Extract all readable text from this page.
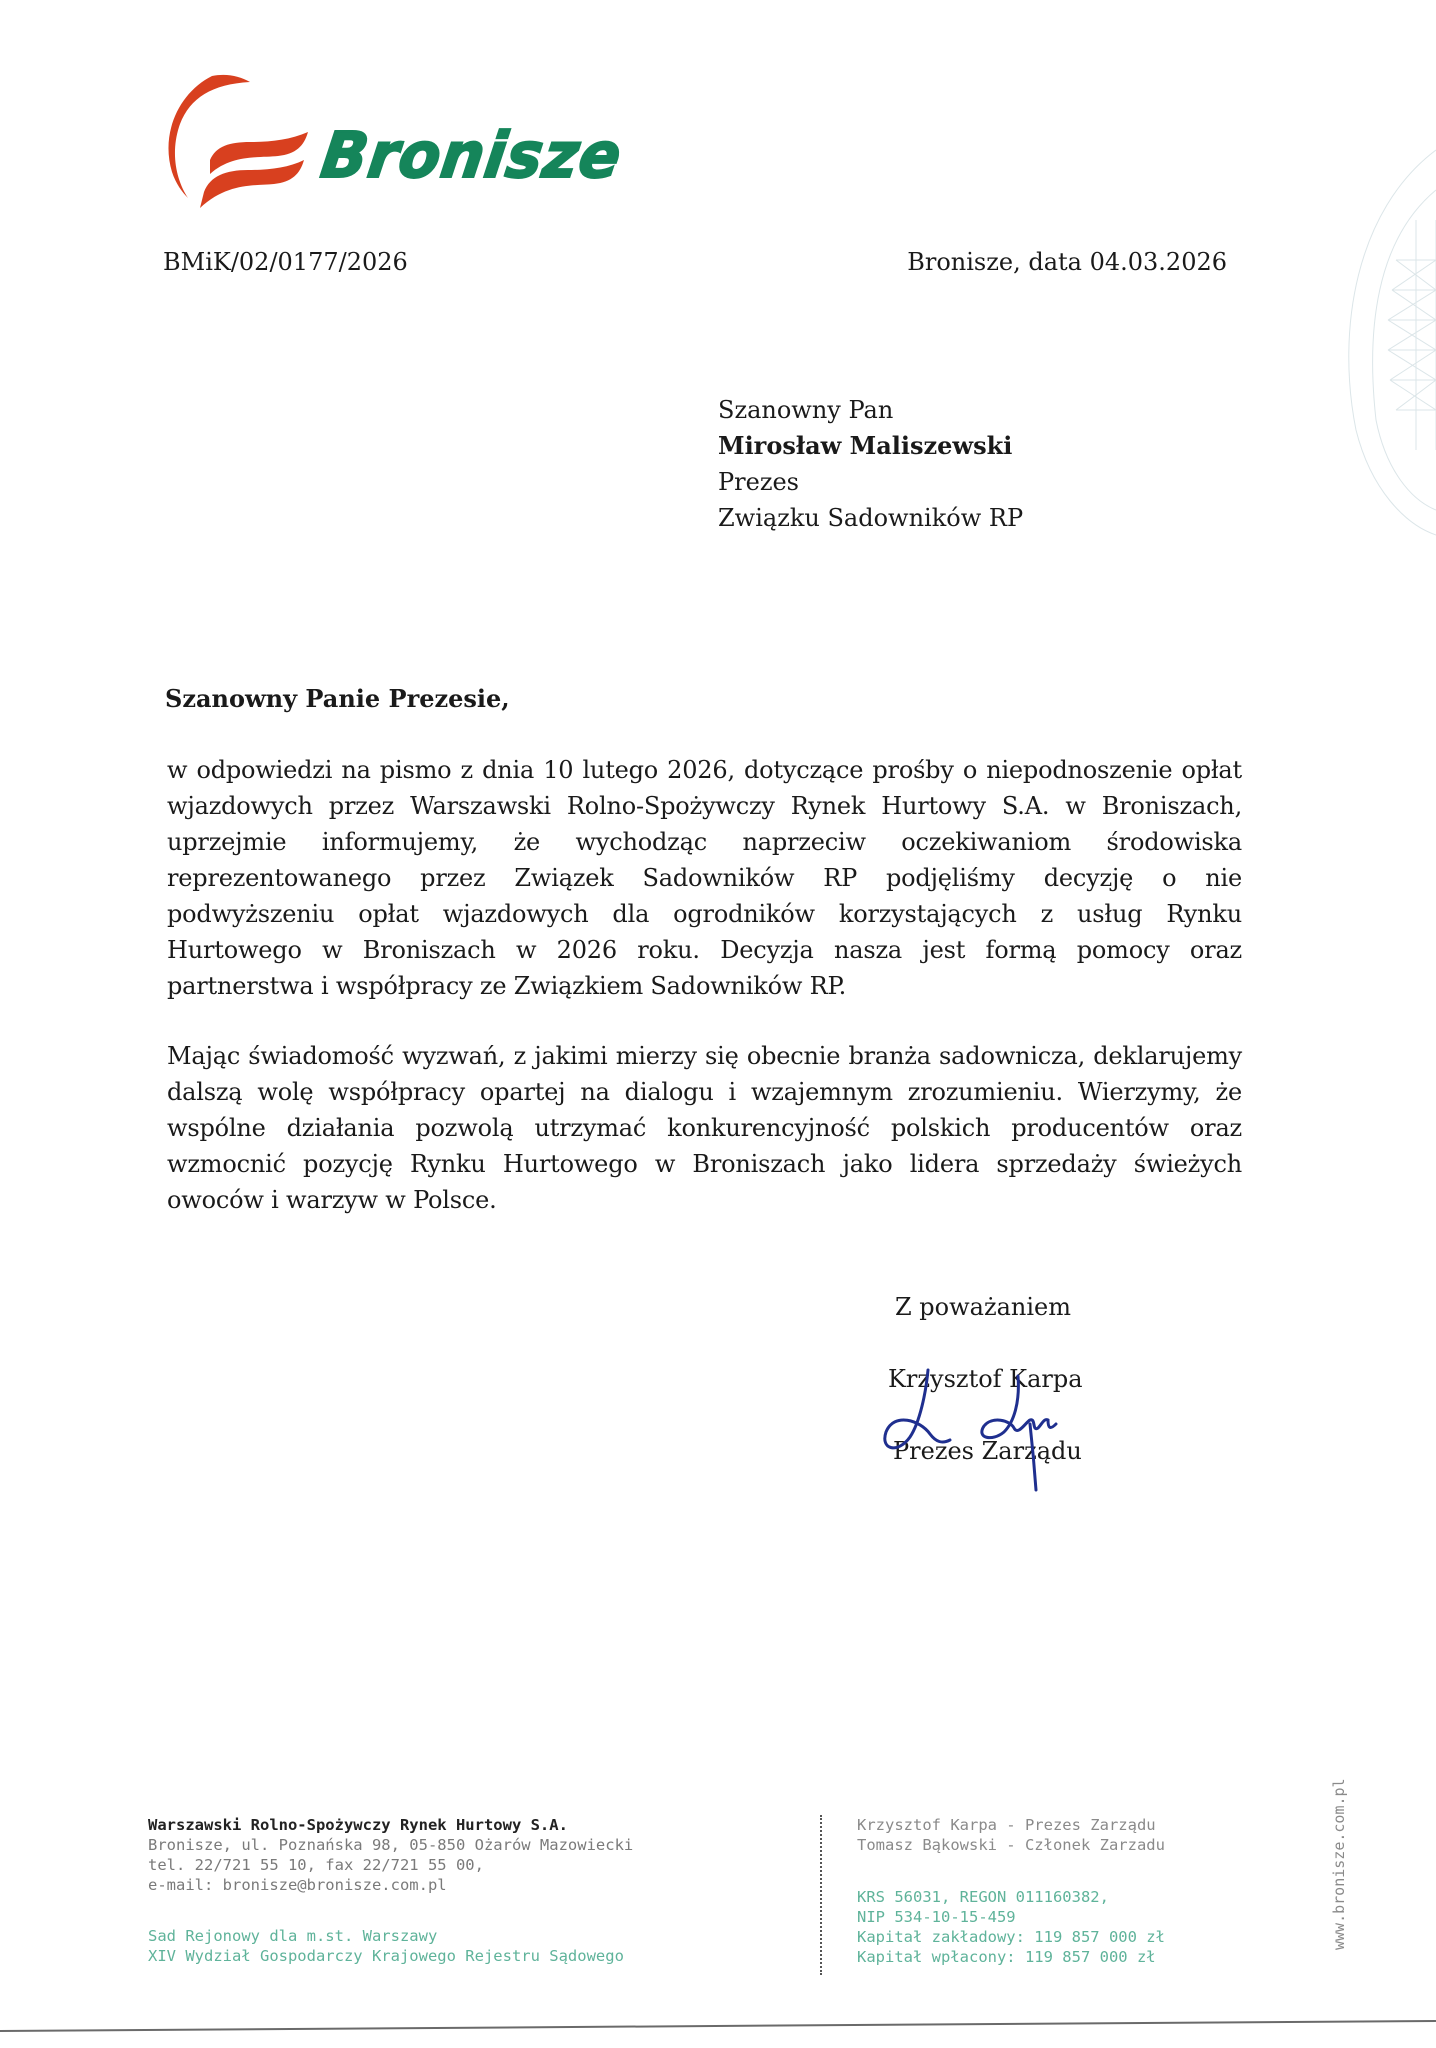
Bronisze
BMiK/02/0177/2026	Bronisze, data 04.03.2026
Szanowny Pan
Mirosław Maliszewski
Prezes
Związku Sadowników RP
Szanowny Panie Prezesie,
w odpowiedzi na pismo z dnia 10 lutego 2026, dotyczące prośby o niepodnoszenie opłat wjazdowych przez Warszawski Rolno-Spożywczy Rynek Hurtowy S.A. w Broniszach, uprzejmie informujemy, że wychodząc naprzeciw oczekiwaniom środowiska reprezentowanego przez Związek Sadowników RP podjęliśmy decyzję o nie podwyższeniu opłat wjazdowych dla ogrodników korzystających z usług Rynku Hurtowego w Broniszach w 2026 roku. Decyzja nasza jest formą pomocy oraz partnerstwa i współpracy ze Związkiem Sadowników RP.
Mając świadomość wyzwań, z jakimi mierzy się obecnie branża sadownicza, deklarujemy dalszą wolę współpracy opartej na dialogu i wzajemnym zrozumieniu. Wierzymy, że wspólne działania pozwolą utrzymać konkurencyjność polskich producentów oraz wzmocnić pozycję Rynku Hurtowego w Broniszach jako lidera sprzedaży świeżych owoców i warzyw w Polsce.
Z poważaniem
Krzysztof Karpa
Prezes Zarządu
Warszawski Rolno-Spożywczy Rynek Hurtowy S.A.
Bronisze, ul. Poznańska 98, 05-850 Ożarów Mazowiecki
tel. 22/721 55 10, fax 22/721 55 00,
e-mail: bronisze@bronisze.com.pl
Sad Rejonowy dla m.st. Warszawy
XIV Wydział Gospodarczy Krajowego Rejestru Sądowego
Krzysztof Karpa - Prezes Zarządu
Tomasz Bąkowski - Członek Zarzadu
KRS 56031, REGON 011160382,
NIP 534-10-15-459
Kapitał zakładowy: 119 857 000 zł
Kapitał wpłacony: 119 857 000 zł
www.bronisze.com.pl
